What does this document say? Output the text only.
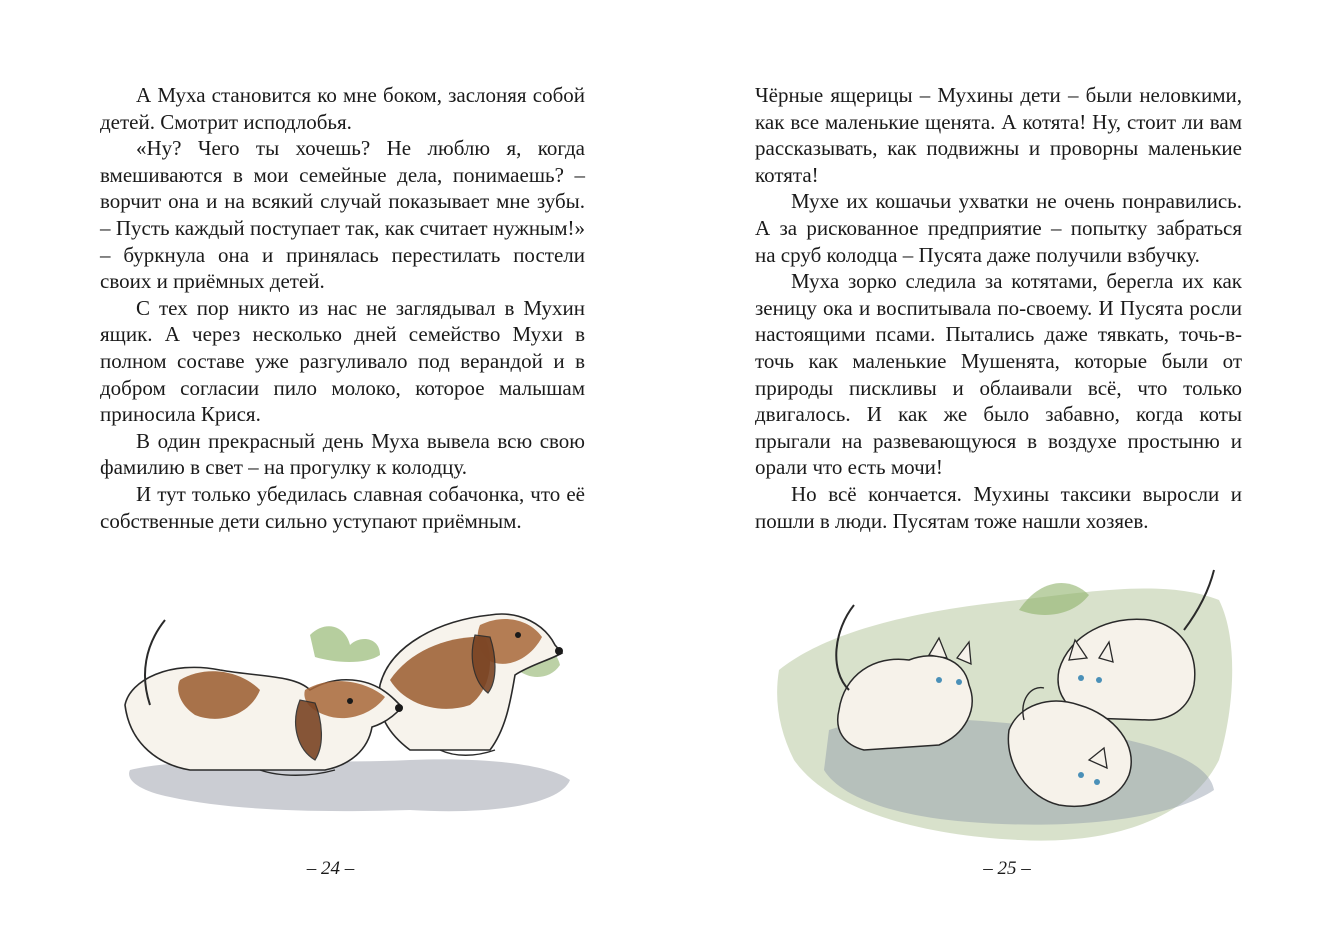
А Муха становится ко мне боком, заслоняя собой детей. Смотрит исподлобья.

«Ну? Чего ты хочешь? Не люблю я, когда вмешиваются в мои семейные дела, понимаешь? – ворчит она и на всякий случай показывает мне зубы. – Пусть каждый поступает так, как считает нужным!» – буркнула она и принялась перестилать постели своих и приёмных детей.

С тех пор никто из нас не заглядывал в Мухин ящик. А через несколько дней семейство Мухи в полном составе уже разгуливало под верандой и в добром согласии пило молоко, которое малышам приносила Крися.

В один прекрасный день Муха вывела всю свою фамилию в свет – на прогулку к колодцу.

И тут только убедилась славная собачонка, что её собственные дети сильно уступают приёмным.

– 24 –

Чёрные ящерицы – Мухины дети – были неловкими, как все маленькие щенята. А котята! Ну, стоит ли вам рассказывать, как подвижны и проворны маленькие котята!

Мухе их кошачьи ухватки не очень понравились. А за рискованное предприятие – попытку забраться на сруб колодца – Пусята даже получили взбучку.

Муха зорко следила за котятами, берегла их как зеницу ока и воспитывала по-своему. И Пусята росли настоящими псами. Пытались даже тявкать, точь-в-точь как маленькие Мушенята, которые были от природы пискливы и облаивали всё, что только двигалось. И как же было забавно, когда коты прыгали на развевающуюся в воздухе простыню и орали что есть мочи!

Но всё кончается. Мухины таксики выросли и пошли в люди. Пусятам тоже нашли хозяев.

– 25 –
